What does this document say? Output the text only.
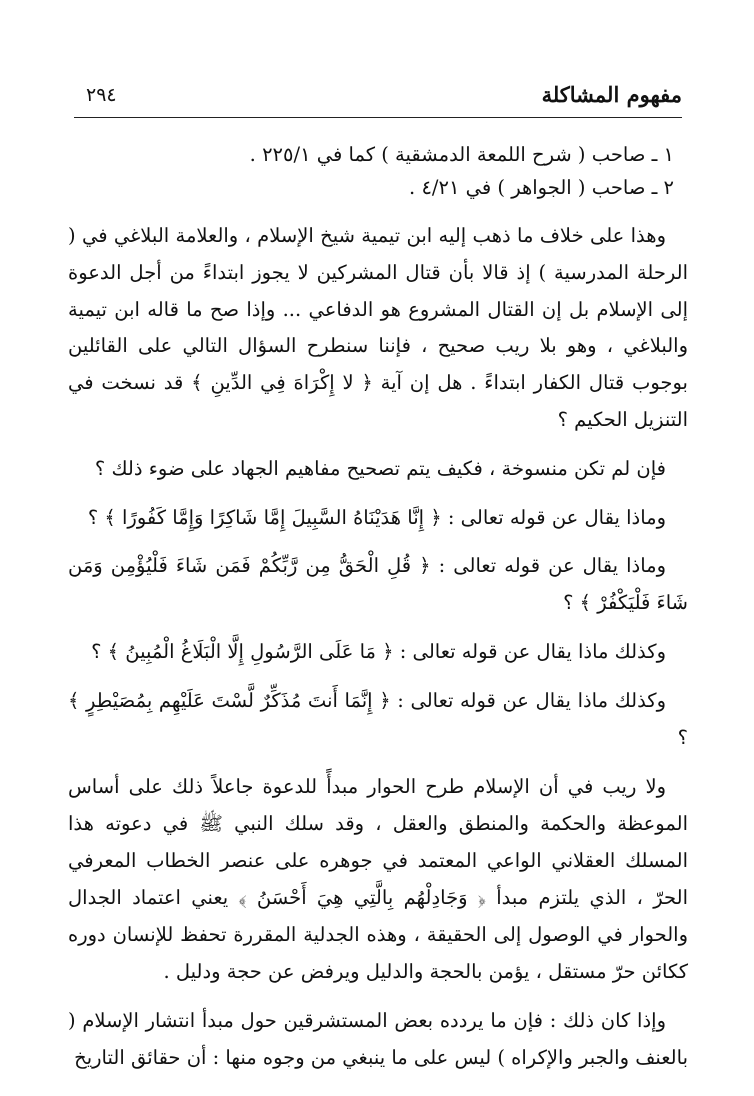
مفهوم المشاكلة
٢٩٤
١ ـ صاحب ( شرح اللمعة الدمشقية ) كما في ٢٢٥/١ .
٢ ـ صاحب ( الجواهر ) في ٤/٢١ .

وهذا على خلاف ما ذهب إليه ابن تيمية شيخ الإسلام ، والعلامة البلاغي في ( الرحلة المدرسية ) إذ قالا بأن قتال المشركين لا يجوز ابتداءً من أجل الدعوة إلى الإسلام بل إن القتال المشروع هو الدفاعي ... وإذا صح ما قاله ابن تيمية والبلاغي ، وهو بلا ريب صحيح ، فإننا سنطرح السؤال التالي على القائلين بوجوب قتال الكفار ابتداءً . هل إن آية ﴿ لا إِكْرَاهَ فِي الدِّينِ ﴾ قد نسخت في التنزيل الحكيم ؟

فإن لم تكن منسوخة ، فكيف يتم تصحيح مفاهيم الجهاد على ضوء ذلك ؟

وماذا يقال عن قوله تعالى : ﴿ إِنَّا هَدَيْنَاهُ السَّبِيلَ إِمَّا شَاكِرًا وَإِمَّا كَفُورًا ﴾ ؟

وماذا يقال عن قوله تعالى : ﴿ قُلِ الْحَقُّ مِن رَّبِّكُمْ فَمَن شَاءَ فَلْيُؤْمِن وَمَن شَاءَ فَلْيَكْفُرْ ﴾ ؟

وكذلك ماذا يقال عن قوله تعالى : ﴿ مَا عَلَى الرَّسُولِ إِلَّا الْبَلَاغُ الْمُبِينُ ﴾ ؟

وكذلك ماذا يقال عن قوله تعالى : ﴿ إِنَّمَا أَنتَ مُذَكِّرٌ لَّسْتَ عَلَيْهِم بِمُصَيْطِرٍ ﴾ ؟

ولا ريب في أن الإسلام طرح الحوار مبدأً للدعوة جاعلاً ذلك على أساس الموعظة والحكمة والمنطق والعقل ، وقد سلك النبي ﷺ في دعوته هذا المسلك العقلاني الواعي المعتمد في جوهره على عنصر الخطاب المعرفي الحرّ ، الذي يلتزم مبدأ ﴿ وَجَادِلْهُم بِالَّتِي هِيَ أَحْسَنُ ﴾ يعني اعتماد الجدال والحوار في الوصول إلى الحقيقة ، وهذه الجدلية المقررة تحفظ للإنسان دوره ككائن حرّ مستقل ، يؤمن بالحجة والدليل ويرفض عن حجة ودليل .

وإذا كان ذلك : فإن ما يردده بعض المستشرقين حول مبدأ انتشار الإسلام ( بالعنف والجبر والإكراه ) ليس على ما ينبغي من وجوه منها : أن حقائق التاريخ
